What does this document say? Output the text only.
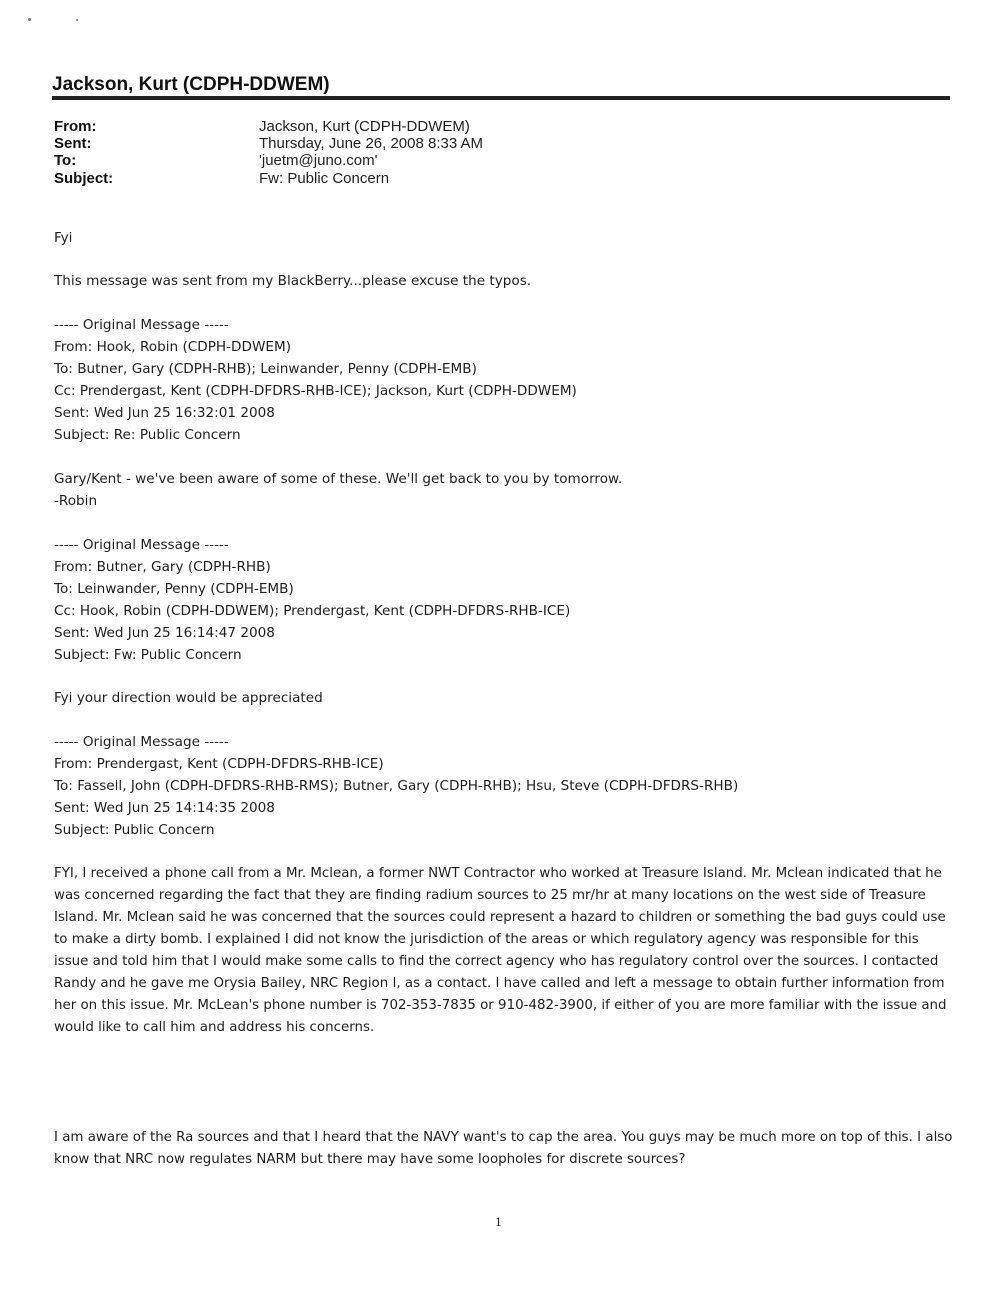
Jackson, Kurt (CDPH-DDWEM)
From:	Jackson, Kurt (CDPH-DDWEM)
Sent:	Thursday, June 26, 2008 8:33 AM
To:	'juetm@juno.com'
Subject:	Fw: Public Concern
Fyi
This message was sent from my BlackBerry...please excuse the typos.
----- Original Message -----
From: Hook, Robin (CDPH-DDWEM)
To: Butner, Gary (CDPH-RHB); Leinwander, Penny (CDPH-EMB)
Cc: Prendergast, Kent (CDPH-DFDRS-RHB-ICE); Jackson, Kurt (CDPH-DDWEM)
Sent: Wed Jun 25 16:32:01 2008
Subject: Re: Public Concern
Gary/Kent - we've been aware of some of these. We'll get back to you by tomorrow.
-Robin
----- Original Message -----
From: Butner, Gary (CDPH-RHB)
To: Leinwander, Penny (CDPH-EMB)
Cc: Hook, Robin (CDPH-DDWEM); Prendergast, Kent (CDPH-DFDRS-RHB-ICE)
Sent: Wed Jun 25 16:14:47 2008
Subject: Fw: Public Concern
Fyi your direction would be appreciated
----- Original Message -----
From: Prendergast, Kent (CDPH-DFDRS-RHB-ICE)
To: Fassell, John (CDPH-DFDRS-RHB-RMS); Butner, Gary (CDPH-RHB); Hsu, Steve (CDPH-DFDRS-RHB)
Sent: Wed Jun 25 14:14:35 2008
Subject: Public Concern
FYI, I received a phone call from a Mr. Mclean, a former NWT Contractor who worked at Treasure Island. Mr. Mclean indicated that he was concerned regarding the fact that they are finding radium sources to 25 mr/hr at many locations on the west side of Treasure Island. Mr. Mclean said he was concerned that the sources could represent a hazard to children or something the bad guys could use to make a dirty bomb. I explained I did not know the jurisdiction of the areas or which regulatory agency was responsible for this issue and told him that I would make some calls to find the correct agency who has regulatory control over the sources. I contacted Randy and he gave me Orysia Bailey, NRC Region I, as a contact. I have called and left a message to obtain further information from her on this issue. Mr. McLean's phone number is 702-353-7835 or 910-482-3900, if either of you are more familiar with the issue and would like to call him and address his concerns.
I am aware of the Ra sources and that I heard that the NAVY want's to cap the area. You guys may be much more on top of this. I also know that NRC now regulates NARM but there may have some loopholes for discrete sources?
1
